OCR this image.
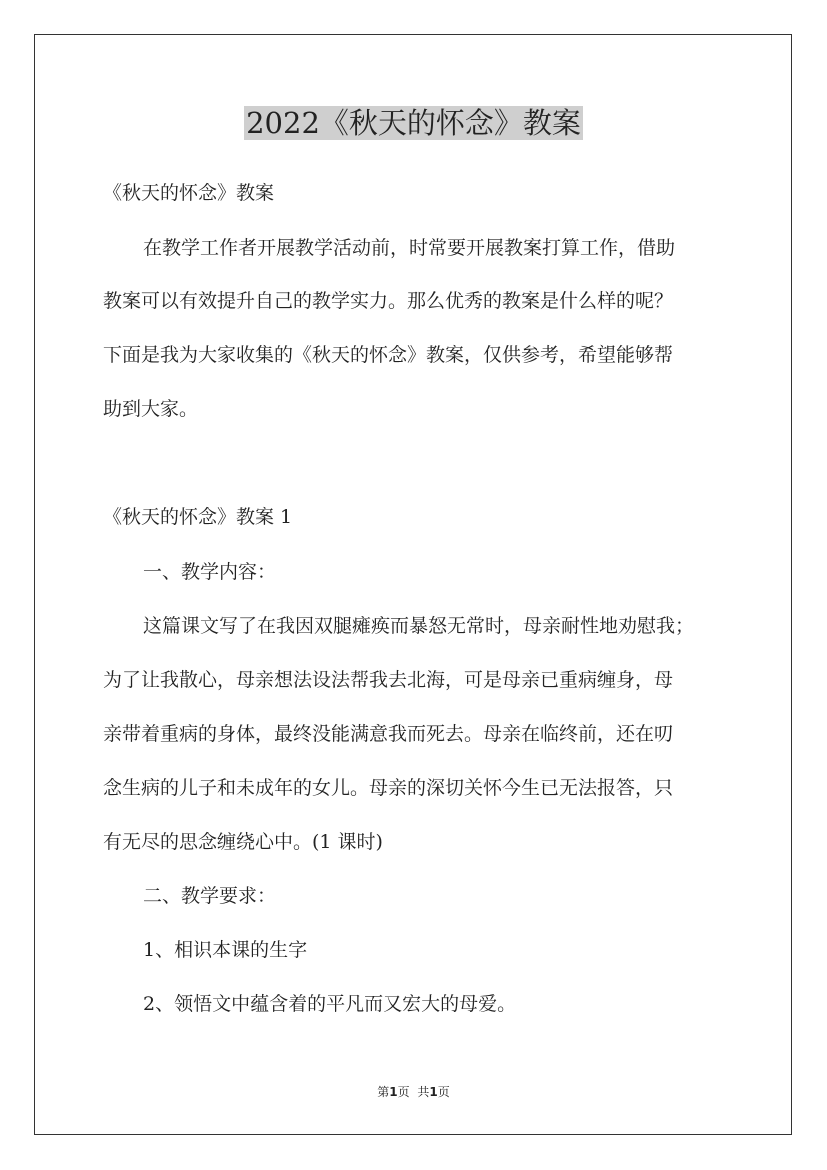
2022《秋天的怀念》教案
《秋天的怀念》教案
在教学工作者开展教学活动前，时常要开展教案打算工作，借助
教案可以有效提升自己的教学实力。那么优秀的教案是什么样的呢？
下面是我为大家收集的《秋天的怀念》教案，仅供参考，希望能够帮
助到大家。
《秋天的怀念》教案 1
一、教学内容：
这篇课文写了在我因双腿瘫痪而暴怒无常时，母亲耐性地劝慰我；
为了让我散心，母亲想法设法帮我去北海，可是母亲已重病缠身，母
亲带着重病的身体，最终没能满意我而死去。母亲在临终前，还在叨
念生病的儿子和未成年的女儿。母亲的深切关怀今生已无法报答，只
有无尽的思念缠绕心中。(1 课时)
二、教学要求：
1、相识本课的生字
2、领悟文中蕴含着的平凡而又宏大的母爱。
第1页 共1页
